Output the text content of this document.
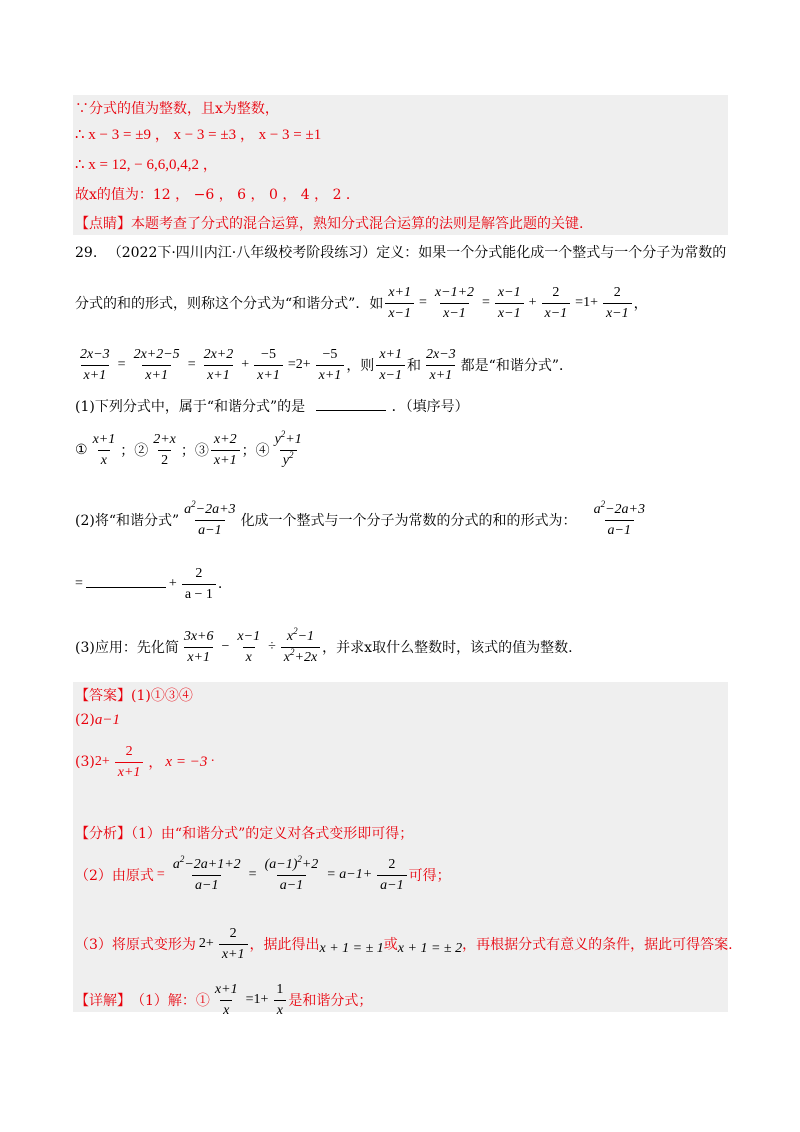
∵分式的值为整数，且x为整数，
∴ x − 3 = ±9 ， x − 3 = ±3 ， x − 3 = ±1
∴ x = 12, − 6,6,0,4,2 ，
故x的值为：12 ， −6 ， 6 ， 0 ， 4 ， 2 ．
【点睛】本题考查了分式的混合运算，熟知分式混合运算的法则是解答此题的关键.
29. （2022下·四川内江·八年级校考阶段练习）定义：如果一个分式能化成一个整式与一个分子为常数的
分式的和的形式，则称这个分式为“和谐分式”．如 $\frac{x+1}{x-1} = \frac{x-1+2}{x-1} = \frac{x-1}{x-1} + \frac{2}{x-1} =1+ \frac{2}{x-1}$ ，
$\frac{2x-3}{x+1} = \frac{2x+2-5}{x+1} = \frac{2x+2}{x+1} + \frac{-5}{x+1} =2+ \frac{-5}{x+1}$ ，则 $\frac{x+1}{x-1}$ 和 $\frac{2x-3}{x+1}$ 都是“和谐分式”．
(1)下列分式中，属于“和谐分式”的是	．（填序号）
① $\frac{x+1}{x}$ ；② $\frac{2+x}{2}$ ；③ $\frac{x+2}{x+1}$ ；④ $\frac{y^2+1}{y^2}$
(2)将“和谐分式” $\frac{a^2-2a+3}{a-1}$ 化成一个整式与一个分子为常数的分式的和的形式为： $\frac{a^2-2a+3}{a-1}$
=	+ $\frac{2}{a - 1}$ .
(3)应用：先化简 $\frac{3x+6}{x+1} - \frac{x-1}{x} \div \frac{x^2-1}{x^2+2x}$ ，并求x取什么整数时，该式的值为整数.
【答案】(1)①③④
(2)a−1
(3) $2+ \frac{2}{x+1}$ ， x = −3 ·
【分析】（1）由“和谐分式”的定义对各式变形即可得；
（2）由原式 = $\frac{a^2-2a+1+2}{a-1} = \frac{(a-1)^2+2}{a-1} = a-1+ \frac{2}{a-1}$ 可得；
（3）将原式变形为 $2+ \frac{2}{x+1}$ ，据此得出 x + 1 = ± 1 或 x + 1 = ± 2 ，再根据分式有意义的条件，据此可得答案.
【详解】 （1）解：① $\frac{x+1}{x} =1+ \frac{1}{x}$ 是和谐分式；
